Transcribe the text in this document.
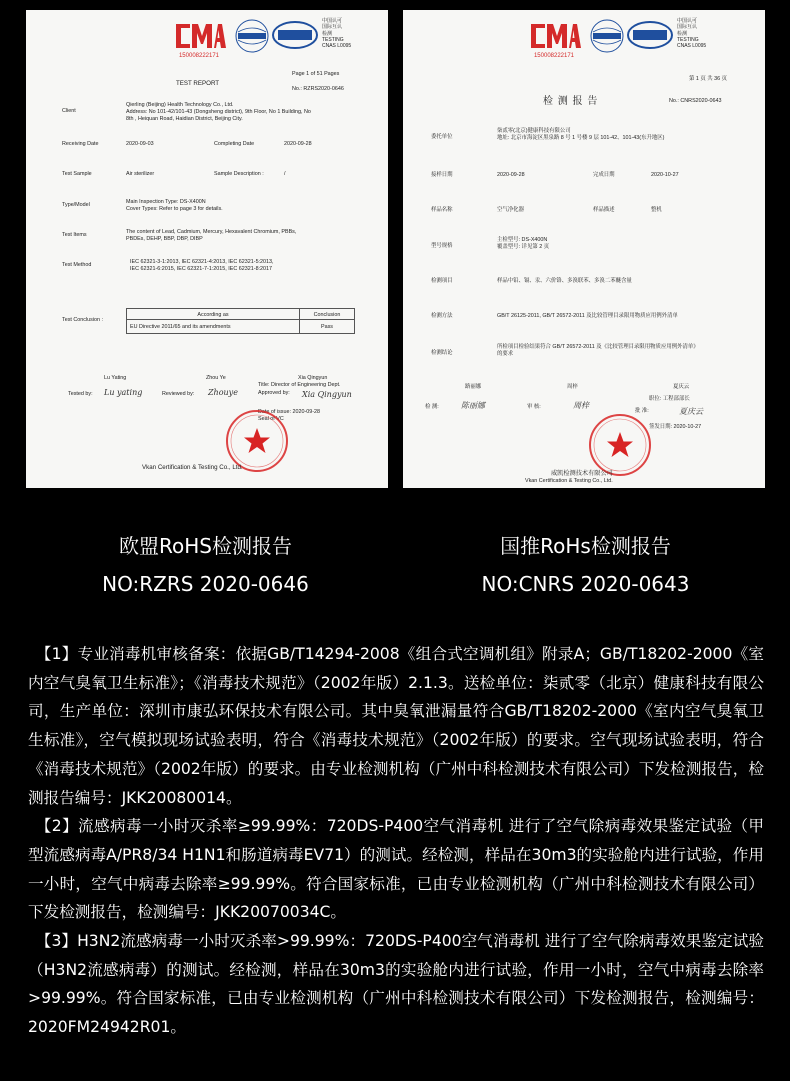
150008222171
中国认可
国际互认
检测
TESTING
CNAS L0095
TEST REPORT
Page 1 of 51 Pages
No.: RZRS2020-0646
Client
Qierling (Beijing) Health Technology Co., Ltd.
Address: No 101-42/101-43 (Dongsheng district), 9th Floor, No 1 Building, No
8th , Heiquan Road, Haidian District, Beijing City.
Receiving Date	2020-09-03	Completing Date	2020-09-28
Test Sample	Air sterilizer	Sample Description :	/
Type/Model	Main Inspection Type: DS-X400N
Cover Types: Refer to page 3 for details.
Test Items	The content of Lead, Cadmium, Mercury, Hexavalent Chromium, PBBs,
PBDEs, DEHP, BBP, DBP, DIBP
Test Method	IEC 62321-3-1:2013, IEC 62321-4:2013, IEC 62321-5:2013,
IEC 62321-6:2015, IEC 62321-7-1:2015, IEC 62321-8:2017
Test Conclusion :
According as	Conclusion
EU Directive 2011/65 and its amendments	Pass
Lu Yating
Tested by: Lu yating
Zhou Ye
Reviewed by: Zhouye
Xia Qingyun
Title: Director of Engineering Dept.
Approved by: Xia Qingyun
Date of issue: 2020-09-28
Seal of VC
Vkan Certification & Testing Co., Ltd.
150008222171
中国认可
国际互认
检测
TESTING
CNAS L0095
第 1 页 共 36 页
检 测 报 告	No.: CNRS2020-0643
委托单位
柒贰零(北京)健康科技有限公司
地址: 北京市海淀区黑泉路 8 号 1 号楼 9 层 101-42、101-43(东升地区)
接样日期	2020-09-28	完成日期	2020-10-27
样品名称	空气净化器	样品描述	整机
型号规格
主检型号: DS-X400N
覆盖型号: 详见第 2 页
检测项目	样品中铅、镉、汞、六价铬、多溴联苯、多溴二苯醚含量
检测方法	GB/T 26125-2011, GB/T 26572-2011 及比较管理目录限用物质应用例外清单
检测结论
所检项目检验结果符合 GB/T 26572-2011 及《比较管理目录限用物质应用例外清单》
的要求
路丽娜	周梓	夏庆云
检 测:	陈丽娜	审 核:	周梓
职位: 工程部部长
批 准:	夏庆云
签发日期: 2020-10-27
威凯检测技术有限公司
Vkan Certification & Testing Co., Ltd.
欧盟RoHS检测报告
NO:RZRS 2020-0646
国推RoHs检测报告
NO:CNRS 2020-0643

【1】专业消毒机审核备案：依据GB/T14294-2008《组合式空调机组》附录A；GB/T18202-2000《室内空气臭氧卫生标准》；《消毒技术规范》（2002年版）2.1.3。送检单位：柒贰零（北京）健康科技有限公司，生产单位：深圳市康弘环保技术有限公司。其中臭氧泄漏量符合GB/T18202-2000《室内空气臭氧卫生标准》，空气模拟现场试验表明，符合《消毒技术规范》（2002年版）的要求。空气现场试验表明，符合《消毒技术规范》（2002年版）的要求。由专业检测机构（广州中科检测技术有限公司）下发检测报告，检测报告编号：JKK20080014。

【2】流感病毒一小时灭杀率≥99.99%：720DS-P400空气消毒机 进行了空气除病毒效果鉴定试验（甲型流感病毒A/PR8/34 H1N1和肠道病毒EV71）的测试。经检测，样品在30m3的实验舱内进行试验，作用一小时，空气中病毒去除率≥99.99%。符合国家标准，已由专业检测机构（广州中科检测技术有限公司）下发检测报告，检测编号：JKK20070034C。

【3】H3N2流感病毒一小时灭杀率>99.99%：720DS-P400空气消毒机 进行了空气除病毒效果鉴定试验（H3N2流感病毒）的测试。经检测，样品在30m3的实验舱内进行试验，作用一小时，空气中病毒去除率>99.99%。符合国家标准，已由专业检测机构（广州中科检测技术有限公司）下发检测报告，检测编号：2020FM24942R01。
